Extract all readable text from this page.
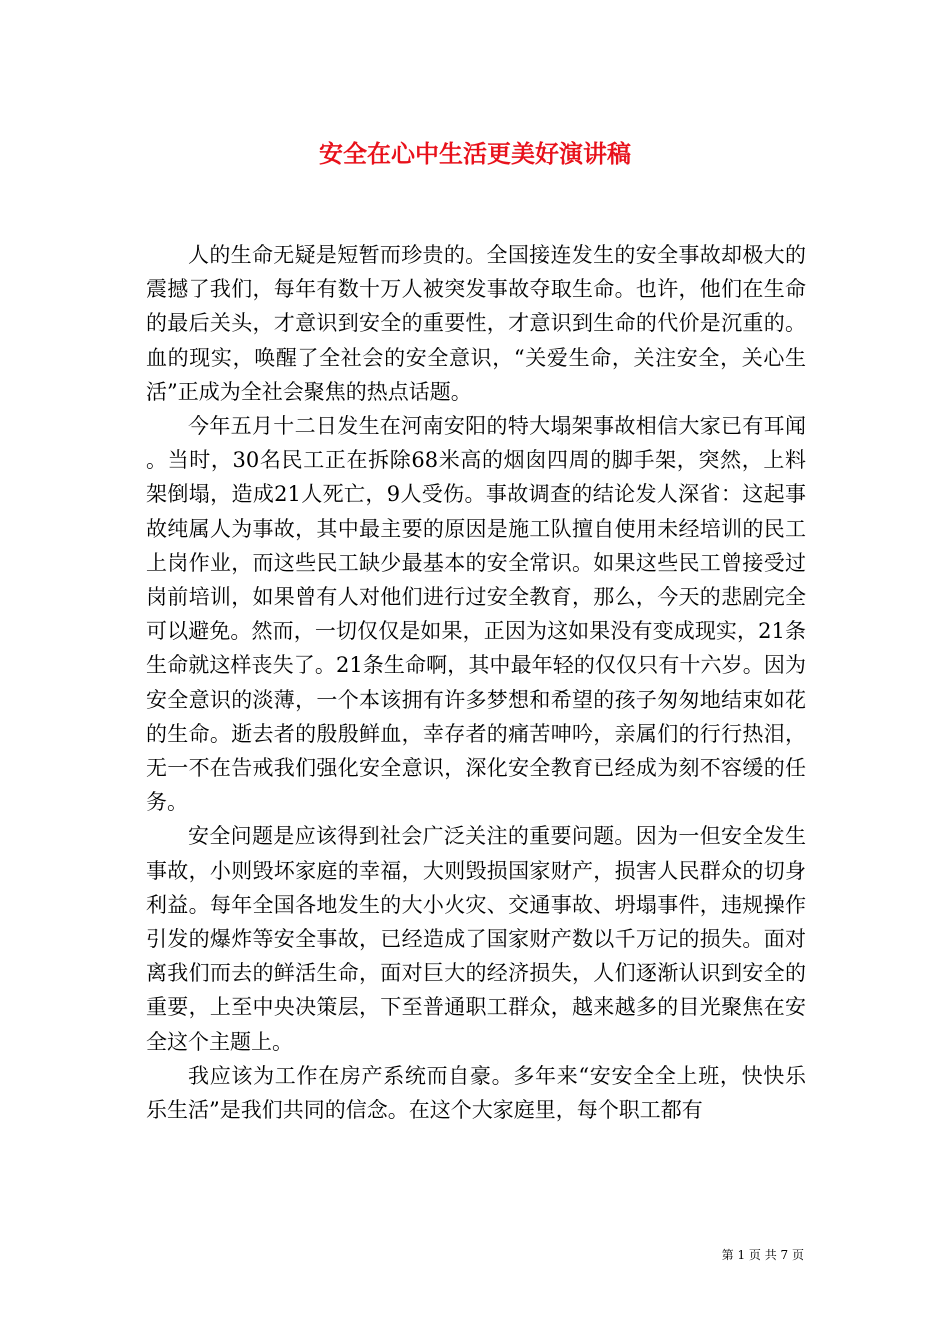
安全在心中生活更美好演讲稿

人的生命无疑是短暂而珍贵的。全国接连发生的安全事故却极大的震撼了我们，每年有数十万人被突发事故夺取生命。也许，他们在生命的最后关头，才意识到安全的重要性，才意识到生命的代价是沉重的。血的现实，唤醒了全社会的安全意识，“关爱生命，关注安全，关心生活”正成为全社会聚焦的热点话题。

今年五月十二日发生在河南安阳的特大塌架事故相信大家已有耳闻。当时，30名民工正在拆除68米高的烟囱四周的脚手架，突然，上料架倒塌，造成21人死亡，9人受伤。事故调查的结论发人深省：这起事故纯属人为事故，其中最主要的原因是施工队擅自使用未经培训的民工上岗作业，而这些民工缺少最基本的安全常识。如果这些民工曾接受过岗前培训，如果曾有人对他们进行过安全教育，那么，今天的悲剧完全可以避免。然而，一切仅仅是如果，正因为这如果没有变成现实，21条生命就这样丧失了。21条生命啊，其中最年轻的仅仅只有十六岁。因为安全意识的淡薄，一个本该拥有许多梦想和希望的孩子匆匆地结束如花的生命。逝去者的殷殷鲜血，幸存者的痛苦呻吟，亲属们的行行热泪，无一不在告戒我们强化安全意识，深化安全教育已经成为刻不容缓的任务。

安全问题是应该得到社会广泛关注的重要问题。因为一但安全发生事故，小则毁坏家庭的幸福，大则毁损国家财产，损害人民群众的切身利益。每年全国各地发生的大小火灾、交通事故、坍塌事件，违规操作引发的爆炸等安全事故，已经造成了国家财产数以千万记的损失。面对离我们而去的鲜活生命，面对巨大的经济损失，人们逐渐认识到安全的重要，上至中央决策层，下至普通职工群众，越来越多的目光聚焦在安全这个主题上。

我应该为工作在房产系统而自豪。多年来“安安全全上班，快快乐乐生活”是我们共同的信念。在这个大家庭里，每个职工都有

第 1 页 共 7 页
